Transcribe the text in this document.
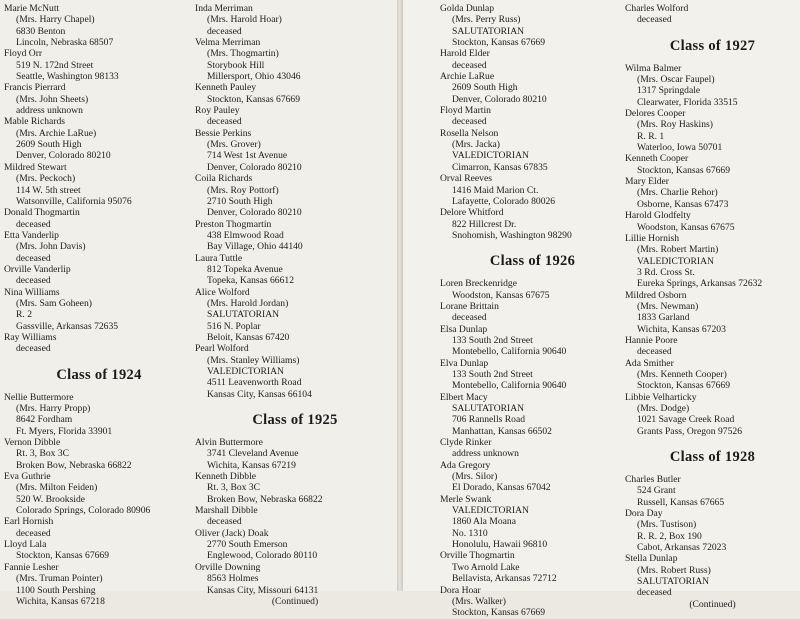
Marie McNutt
(Mrs. Harry Chapel)
6830 Benton
Lincoln, Nebraska 68507
Floyd Orr
519 N. 172nd Street
Seattle, Washington 98133
Francis Pierrard
(Mrs. John Sheets)
address unknown
Mable Richards
(Mrs. Archie LaRue)
2609 South High
Denver, Colorado 80210
Mildred Stewart
(Mrs. Peckoch)
114 W. 5th street
Watsonville, California 95076
Donald Thogmartin
deceased
Etta Vanderlip
(Mrs. John Davis)
deceased
Orville Vanderlip
deceased
Nina Williams
(Mrs. Sam Goheen)
R. 2
Gassville, Arkansas 72635
Ray Williams
deceased
Class of 1924
Nellie Buttermore
(Mrs. Harry Propp)
8642 Fordham
Ft. Myers, Florida 33901
Vernon Dibble
Rt. 3, Box 3C
Broken Bow, Nebraska 66822
Eva Guthrie
(Mrs. Milton Feiden)
520 W. Brookside
Colorado Springs, Colorado 80906
Earl Hornish
deceased
Lloyd Lala
Stockton, Kansas 67669
Fannie Lesher
(Mrs. Truman Pointer)
1100 South Pershing
Wichita, Kansas 67218
Inda Merriman
(Mrs. Harold Hoar)
deceased
Velma Merriman
(Mrs. Thogmartin)
Storybook Hill
Millersport, Ohio 43046
Kenneth Pauley
Stockton, Kansas 67669
Roy Pauley
deceased
Bessie Perkins
(Mrs. Grover)
714 West 1st Avenue
Denver, Colorado 80210
Coila Richards
(Mrs. Roy Pottorf)
2710 South High
Denver, Colorado 80210
Preston Thogmartin
438 Elmwood Road
Bay Village, Ohio 44140
Laura Tuttle
812 Topeka Avenue
Topeka, Kansas 66612
Alice Wolford
(Mrs. Harold Jordan)
SALUTATORIAN
516 N. Poplar
Beloit, Kansas 67420
Pearl Wolford
(Mrs. Stanley Williams)
VALEDICTORIAN
4511 Leavenworth Road
Kansas City, Kansas 66104
Class of 1925
Alvin Buttermore
3741 Cleveland Avenue
Wichita, Kansas 67219
Kenneth Dibble
Rt. 3, Box 3C
Broken Bow, Nebraska 66822
Marshall Dibble
deceased
Oliver (Jack) Doak
2770 South Emerson
Englewood, Colorado 80110
Orville Downing
8563 Holmes
Kansas City, Missouri 64131
(Continued)
Golda Dunlap
(Mrs. Perry Russ)
SALUTATORIAN
Stockton, Kansas 67669
Harold Elder
deceased
Archie LaRue
2609 South High
Denver, Colorado 80210
Floyd Martin
deceased
Rosella Nelson
(Mrs. Jacka)
VALEDICTORIAN
Cimarron, Kansas 67835
Orval Reeves
1416 Maid Marion Ct.
Lafayette, Colorado 80026
Delore Whitford
822 Hillcrest Dr.
Snohomish, Washington 98290
Class of 1926
Loren Breckenridge
Woodston, Kansas 67675
Lorane Brittain
deceased
Elsa Dunlap
133 South 2nd Street
Montebello, California 90640
Elva Dunlap
133 South 2nd Street
Montebello, California 90640
Elbert Macy
SALUTATORIAN
706 Rannells Road
Manhattan, Kansas 66502
Clyde Rinker
address unknown
Ada Gregory
(Mrs. Silor)
El Dorado, Kansas 67042
Merle Swank
VALEDICTORIAN
1860 Ala Moana
No. 1310
Honolulu, Hawaii 96810
Orville Thogmartin
Two Arnold Lake
Bellavista, Arkansas 72712
Dora Hoar
(Mrs. Walker)
Stockton, Kansas 67669
Charles Wolford
deceased
Class of 1927
Wilma Balmer
(Mrs. Oscar Faupel)
1317 Springdale
Clearwater, Florida 33515
Delores Cooper
(Mrs. Roy Haskins)
R. R. 1
Waterloo, Iowa 50701
Kenneth Cooper
Stockton, Kansas 67669
Mary Elder
(Mrs. Charlie Rehor)
Osborne, Kansas 67473
Harold Glodfelty
Woodston, Kansas 67675
Lillie Hornish
(Mrs. Robert Martin)
VALEDICTORIAN
3 Rd. Cross St.
Eureka Springs, Arkansas 72632
Mildred Osborn
(Mrs. Newman)
1833 Garland
Wichita, Kansas 67203
Hannie Poore
deceased
Ada Smither
(Mrs. Kenneth Cooper)
Stockton, Kansas 67669
Libbie Velharticky
(Mrs. Dodge)
1021 Savage Creek Road
Grants Pass, Oregon 97526
Class of 1928
Charles Butler
524 Grant
Russell, Kansas 67665
Dora Day
(Mrs. Tustison)
R. R. 2, Box 190
Cabot, Arkansas 72023
Stella Dunlap
(Mrs. Robert Russ)
SALUTATORIAN
deceased
(Continued)
